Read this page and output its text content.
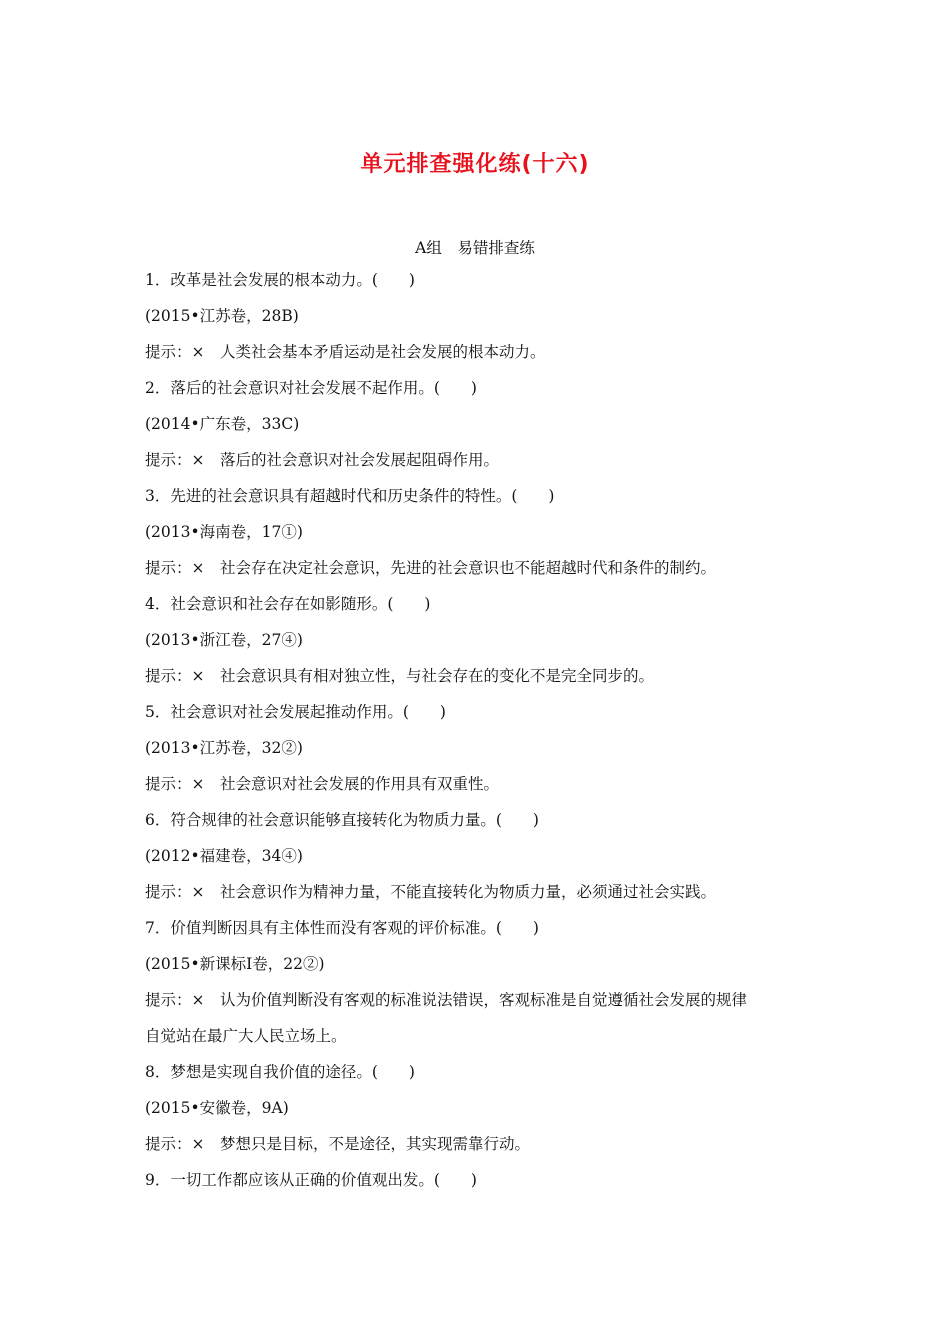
单元排查强化练(十六)
A组　易错排查练
1．改革是社会发展的根本动力。(　　)
(2015•江苏卷，28B)
提示：×　人类社会基本矛盾运动是社会发展的根本动力。
2．落后的社会意识对社会发展不起作用。(　　)
(2014•广东卷，33C)
提示：×　落后的社会意识对社会发展起阻碍作用。
3．先进的社会意识具有超越时代和历史条件的特性。(　　)
(2013•海南卷，17①)
提示：×　社会存在决定社会意识，先进的社会意识也不能超越时代和条件的制约。
4．社会意识和社会存在如影随形。(　　)
(2013•浙江卷，27④)
提示：×　社会意识具有相对独立性，与社会存在的变化不是完全同步的。
5．社会意识对社会发展起推动作用。(　　)
(2013•江苏卷，32②)
提示：×　社会意识对社会发展的作用具有双重性。
6．符合规律的社会意识能够直接转化为物质力量。(　　)
(2012•福建卷，34④)
提示：×　社会意识作为精神力量，不能直接转化为物质力量，必须通过社会实践。
7．价值判断因具有主体性而没有客观的评价标准。(　　)
(2015•新课标Ⅰ卷，22②)
提示：×　认为价值判断没有客观的标准说法错误，客观标准是自觉遵循社会发展的规律
自觉站在最广大人民立场上。
8．梦想是实现自我价值的途径。(　　)
(2015•安徽卷，9A)
提示：×　梦想只是目标，不是途径，其实现需靠行动。
9．一切工作都应该从正确的价值观出发。(　　)
